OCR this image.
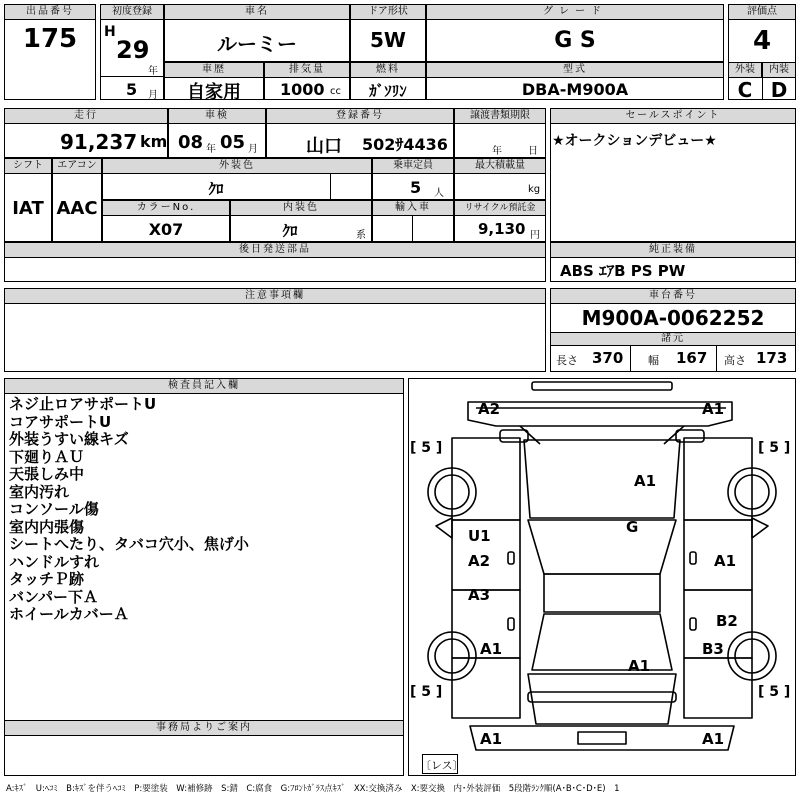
出品番号
175
初度登録
H
29
年
5 月
車名
ルーミー
ドア形状
5W
グレード
G S
評価点
4
車歴
自家用
排気量
1000 cc
燃料
ｶﾞｿﾘﾝ
型式
DBA-M900A
外装	内装
C D
走行
91,237 km
車検
08 年 05 月
登録番号
山口 502ｻ4436
譲渡書類期限
年	日
セールスポイント
★オークションデビュー★
シフト
IAT
エアコン
AAC
外装色
ｸﾛ
乗車定員
5 人
最大積載量
kg
カラーNo.
X07
内装色
ｸﾛ	系
輸入車	リサイクル預託金
9,130 円
後日発送部品	純正装備
ABS ｴｱB PS PW
注意事項欄	車台番号
M900A-0062252
諸元
長さ 370 幅 167 高さ 173
検査員記入欄
ネジ止ロアサポートU
コアサポートU
外装うすい線キズ
下廻りＡＵ
天張しみ中
室内汚れ
コンソール傷
室内内張傷
シートへたり、タバコ穴小、焦げ小
ハンドルすれ
タッチＰ跡
バンパー下Ａ
ホイールカバーＡ
事務局よりご案内
[ 5 ]	[ 5 ]
[ 5 ]	[ 5 ]
A2	A1
A1
G
U1
A2
A3
A1
A1
B2
B3
A1
A1	A1
〔レス〕
A:ｷｽﾞ　U:ﾍｺﾐ　B:ｷｽﾞを伴うﾍｺﾐ　P:要塗装　W:補修跡　S:錆　C:腐食　G:ﾌﾛﾝﾄｶﾞﾗｽ点ｷｽﾞ　XX:交換済み　X:要交換　内･外装評価　5段階ﾗﾝｸ順(A･B･C･D･E)　1
